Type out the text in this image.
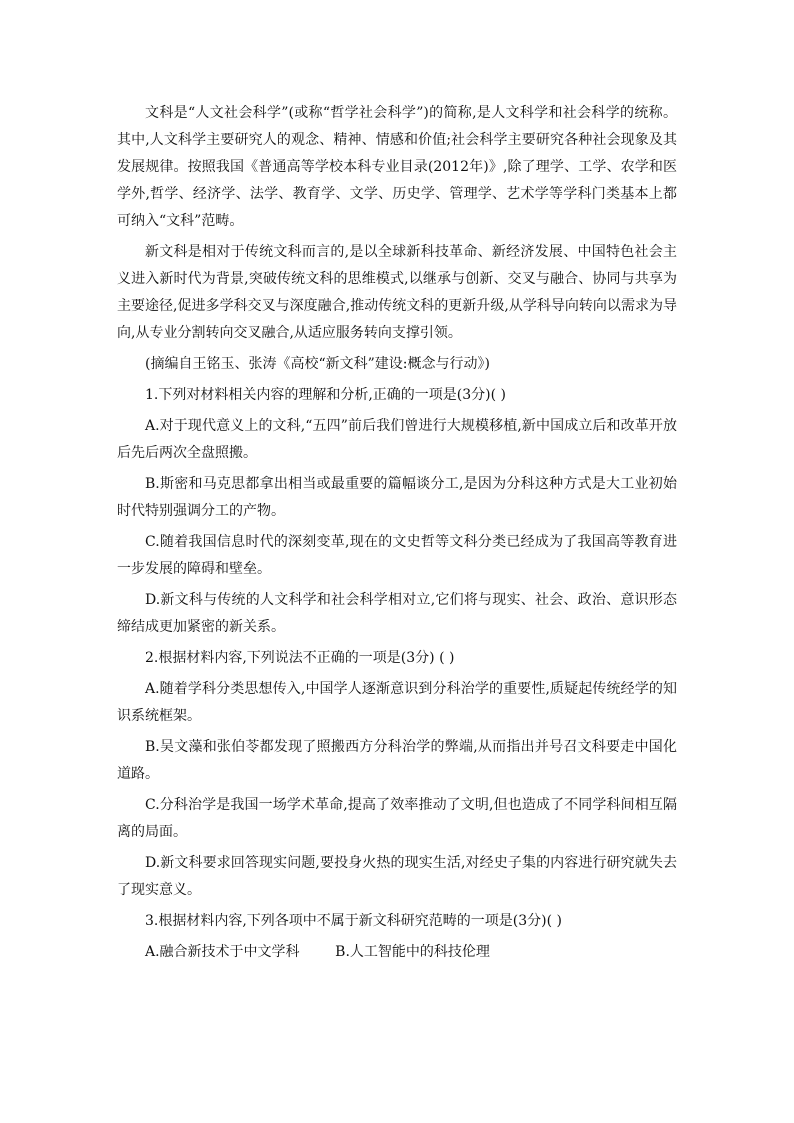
文科是“人文社会科学”(或称“哲学社会科学”)的简称,是人文科学和社会科学的统称。其中,人文科学主要研究人的观念、精神、情感和价值;社会科学主要研究各种社会现象及其发展规律。按照我国《普通高等学校本科专业目录(2012年)》,除了理学、工学、农学和医学外,哲学、经济学、法学、教育学、文学、历史学、管理学、艺术学等学科门类基本上都可纳入“文科”范畴。

新文科是相对于传统文科而言的,是以全球新科技革命、新经济发展、中国特色社会主义进入新时代为背景,突破传统文科的思维模式,以继承与创新、交叉与融合、协同与共享为主要途径,促进多学科交叉与深度融合,推动传统文科的更新升级,从学科导向转向以需求为导向,从专业分割转向交叉融合,从适应服务转向支撑引领。

(摘编自王铭玉、张涛《高校“新文科”建设:概念与行动》)

1.下列对材料相关内容的理解和分析,正确的一项是(3分)( )

A.对于现代意义上的文科,“五四”前后我们曾进行大规模移植,新中国成立后和改革开放后先后两次全盘照搬。

B.斯密和马克思都拿出相当或最重要的篇幅谈分工,是因为分科这种方式是大工业初始时代特别强调分工的产物。

C.随着我国信息时代的深刻变革,现在的文史哲等文科分类已经成为了我国高等教育进一步发展的障碍和壁垒。

D.新文科与传统的人文科学和社会科学相对立,它们将与现实、社会、政治、意识形态缔结成更加紧密的新关系。

2.根据材料内容,下列说法不正确的一项是(3分) ( )

A.随着学科分类思想传入,中国学人逐渐意识到分科治学的重要性,质疑起传统经学的知识系统框架。

B.吴文藻和张伯苓都发现了照搬西方分科治学的弊端,从而指出并号召文科要走中国化道路。

C.分科治学是我国一场学术革命,提高了效率推动了文明,但也造成了不同学科间相互隔离的局面。

D.新文科要求回答现实问题,要投身火热的现实生活,对经史子集的内容进行研究就失去了现实意义。

3.根据材料内容,下列各项中不属于新文科研究范畴的一项是(3分)( )

A.融合新技术于中文学科	B.人工智能中的科技伦理
